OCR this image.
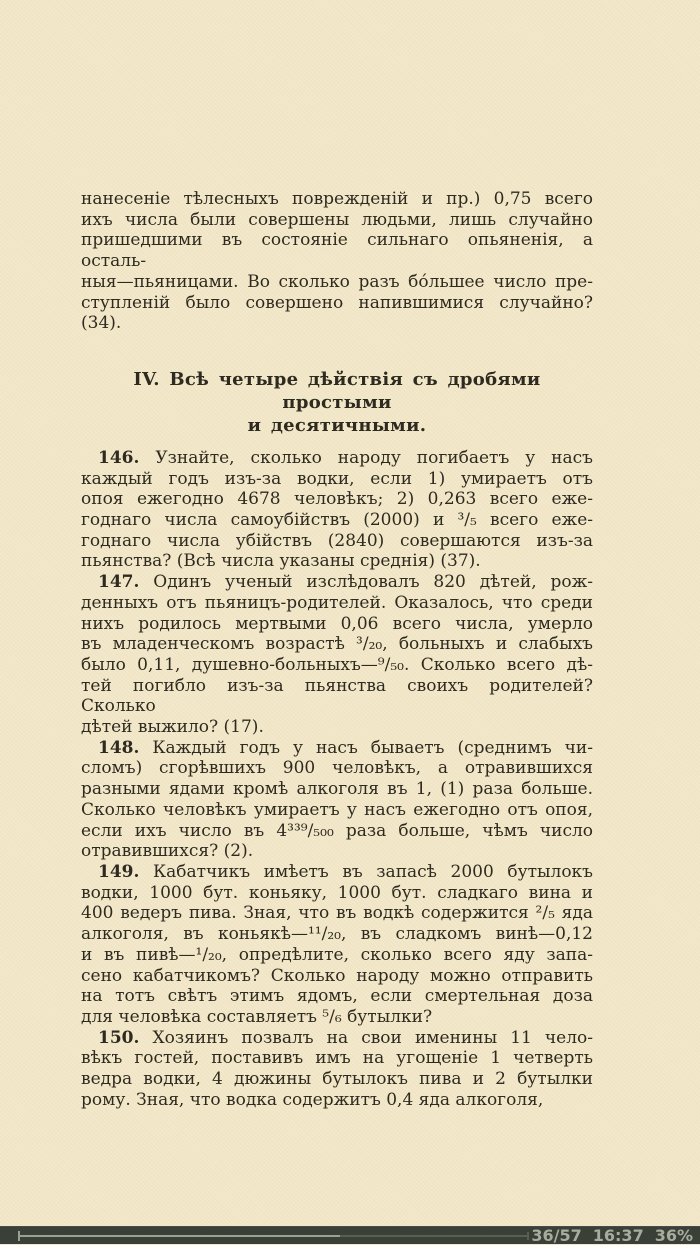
нанесеніе тѣлесныхъ поврежденій и пр.) 0,75 всего
ихъ числа были совершены людьми, лишь случайно
пришедшими въ состояніе сильнаго опьяненія, а осталь-
ныя—пьяницами. Во сколько разъ бо́льшее число пре-
ступленій было совершено напившимися случайно? (34).
IV. Всѣ четыре дѣйствія съ дробями простыми
и десятичными.
146. Узнайте, сколько народу погибаетъ у насъ
каждый годъ изъ-за водки, если 1) умираетъ отъ
опоя ежегодно 4678 человѣкъ; 2) 0,263 всего еже-
годнаго числа самоубійствъ (2000) и ³/₅ всего еже-
годнаго числа убійствъ (2840) совершаются изъ-за
пьянства? (Всѣ числа указаны среднія) (37).
147. Одинъ ученый изслѣдовалъ 820 дѣтей, рож-
денныхъ отъ пьяницъ-родителей. Оказалось, что среди
нихъ родилось мертвыми 0,06 всего числа, умерло
въ младенческомъ возрастѣ ³/₂₀, больныхъ и слабыхъ
было 0,11, душевно-больныхъ—⁹/₅₀. Сколько всего дѣ-
тей погибло изъ-за пьянства своихъ родителей? Сколько
дѣтей выжило? (17).
148. Каждый годъ у насъ бываетъ (среднимъ чи-
сломъ) сгорѣвшихъ 900 человѣкъ, а отравившихся
разными ядами кромѣ алкоголя въ 1, (1) раза больше.
Сколько человѣкъ умираетъ у насъ ежегодно отъ опоя,
если ихъ число въ 4³³⁹/₅₀₀ раза больше, чѣмъ число
отравившихся? (2).
149. Кабатчикъ имѣетъ въ запасѣ 2000 бутылокъ
водки, 1000 бут. коньяку, 1000 бут. сладкаго вина и
400 ведеръ пива. Зная, что въ водкѣ содержится ²/₅ яда
алкоголя, въ коньякѣ—¹¹/₂₀, въ сладкомъ винѣ—0,12
и въ пивѣ—¹/₂₀, опредѣлите, сколько всего яду запа-
сено кабатчикомъ? Сколько народу можно отправить
на тотъ свѣтъ этимъ ядомъ, если смертельная доза
для человѣка составляетъ ⁵/₆ бутылки?
150. Хозяинъ позвалъ на свои именины 11 чело-
вѣкъ гостей, поставивъ имъ на угощеніе 1 четверть
ведра водки, 4 дюжины бутылокъ пива и 2 бутылки
рому. Зная, что водка содержитъ 0,4 яда алкоголя,
36/57 16:37 36%
